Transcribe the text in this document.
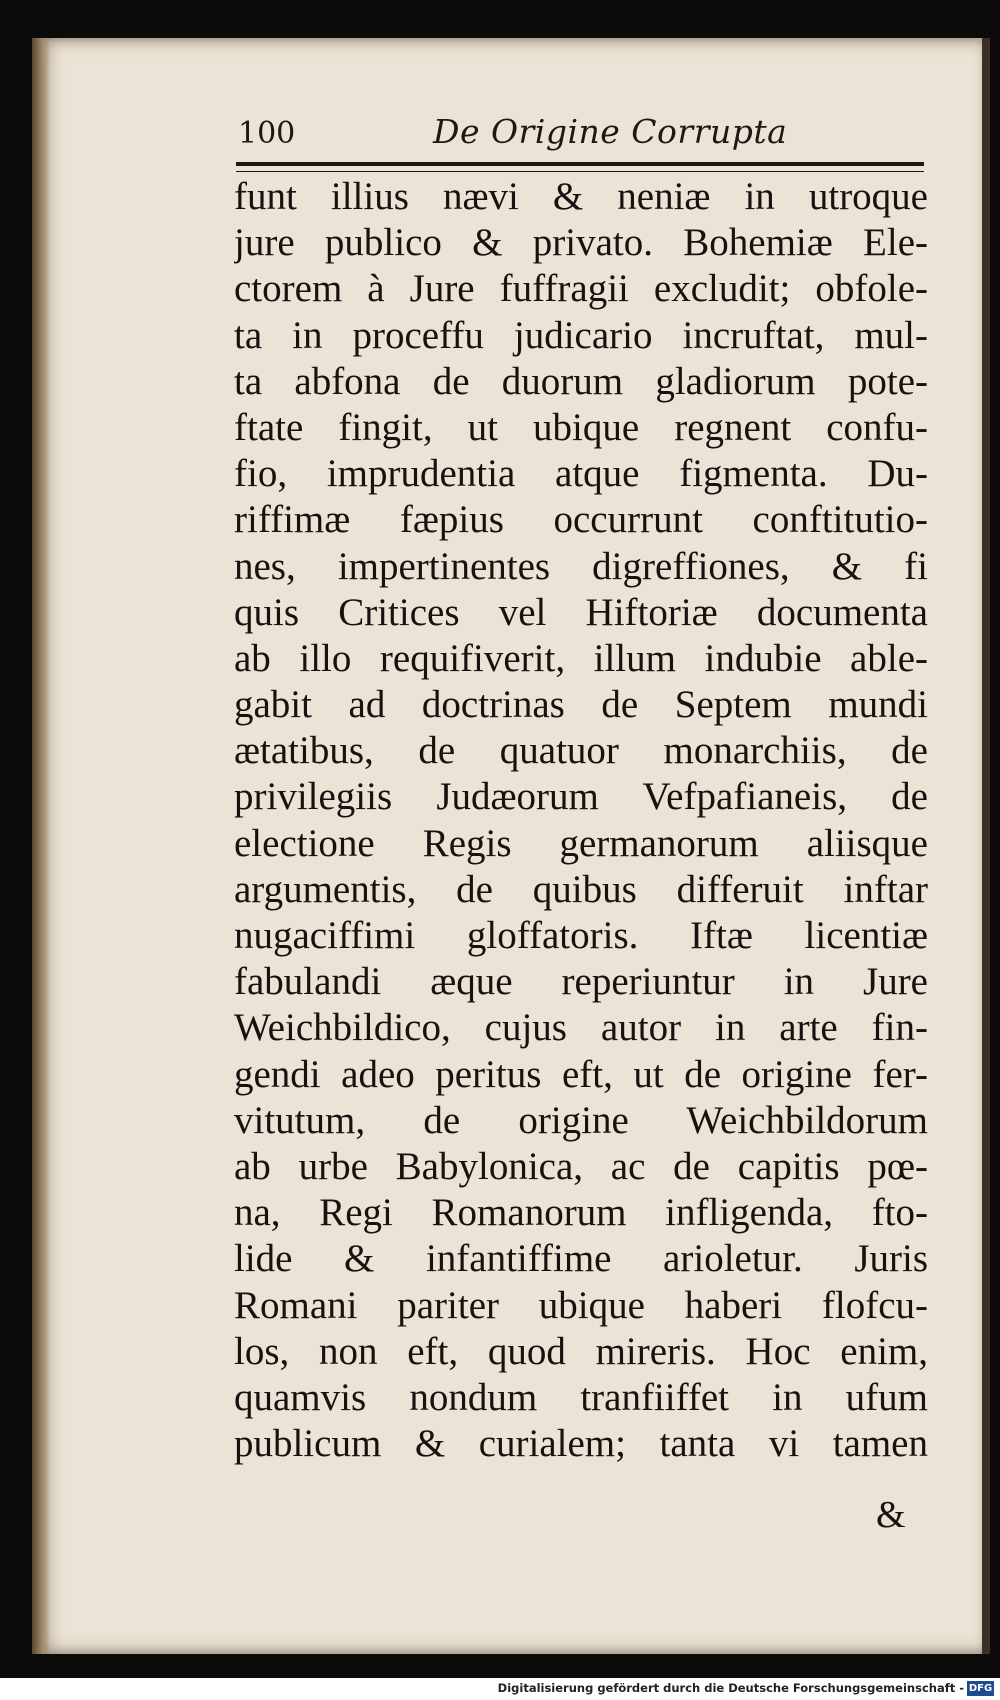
100	De Origine Corrupta
funt illius nævi & neniæ in utroque
jure publico & privato. Bohemiæ Ele-
ctorem à Jure fuffragii excludit; obfole-
ta in proceffu judicario incruftat, mul-
ta abfona de duorum gladiorum pote-
ftate fingit, ut ubique regnent confu-
fio, imprudentia atque figmenta. Du-
riffimæ fæpius occurrunt conftitutio-
nes, impertinentes digreffiones, & fi
quis Critices vel Hiftoriæ documenta
ab illo requifiverit, illum indubie able-
gabit ad doctrinas de Septem mundi
ætatibus, de quatuor monarchiis, de
privilegiis Judæorum Vefpafianeis, de
electione Regis germanorum aliisque
argumentis, de quibus differuit inftar
nugaciffimi gloffatoris. Iftæ licentiæ
fabulandi æque reperiuntur in Jure
Weichbildico, cujus autor in arte fin-
gendi adeo peritus eft, ut de origine fer-
vitutum, de origine Weichbildorum
ab urbe Babylonica, ac de capitis pœ-
na, Regi Romanorum infligenda, fto-
lide & infantiffime arioletur. Juris
Romani pariter ubique haberi flofcu-
los, non eft, quod mireris. Hoc enim,
quamvis nondum tranfiiffet in ufum
publicum & curialem; tanta vi tamen
&
Digitalisierung gefördert durch die Deutsche Forschungsgemeinschaft - DFG
